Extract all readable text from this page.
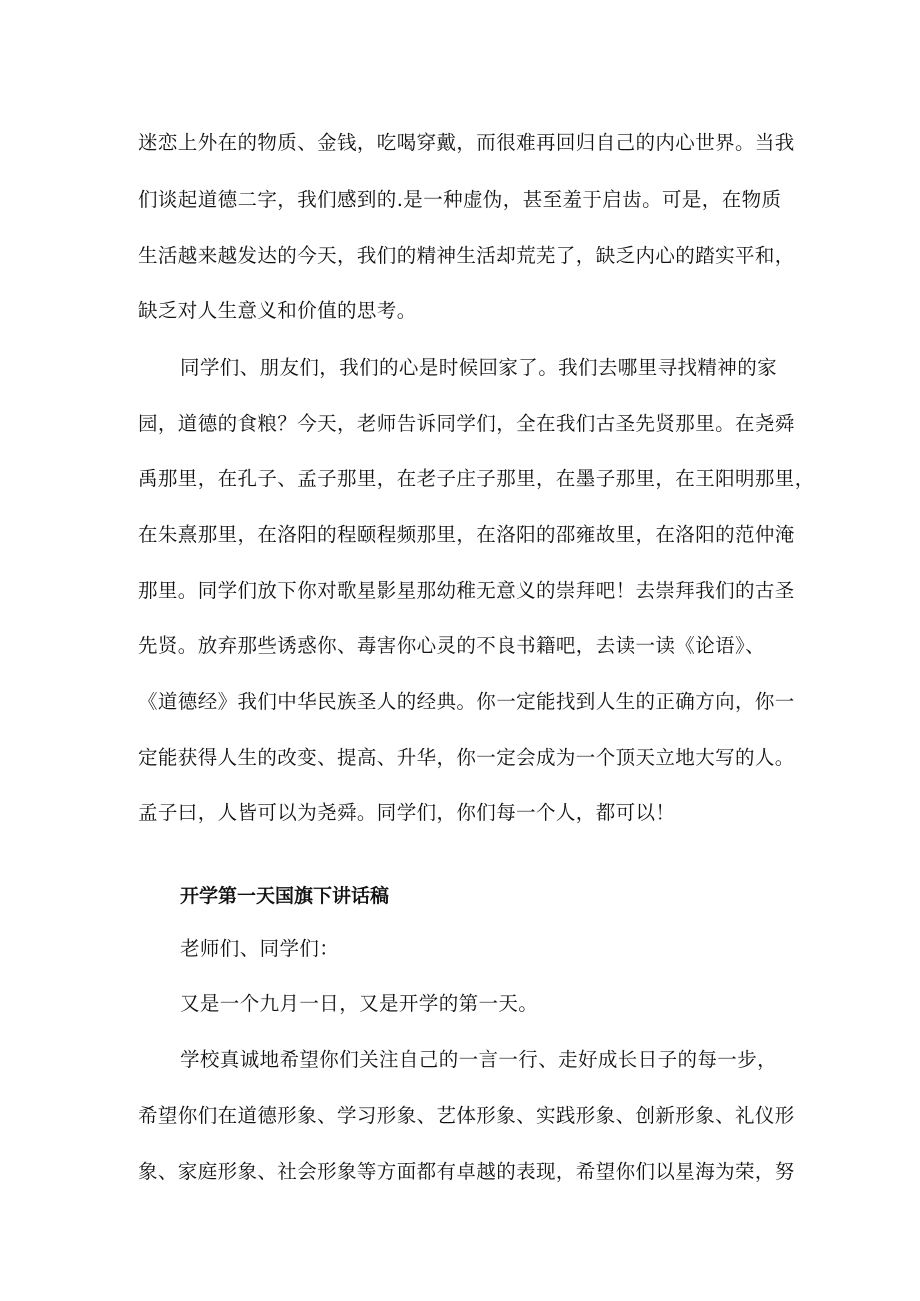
迷恋上外在的物质、金钱，吃喝穿戴，而很难再回归自己的内心世界。当我
们谈起道德二字，我们感到的.是一种虚伪，甚至羞于启齿。可是，在物质
生活越来越发达的今天，我们的精神生活却荒芜了，缺乏内心的踏实平和，
缺乏对人生意义和价值的思考。
同学们、朋友们，我们的心是时候回家了。我们去哪里寻找精神的家
园，道德的食粮？今天，老师告诉同学们，全在我们古圣先贤那里。在尧舜
禹那里，在孔子、孟子那里，在老子庄子那里，在墨子那里，在王阳明那里，
在朱熹那里，在洛阳的程颐程频那里，在洛阳的邵雍故里，在洛阳的范仲淹
那里。同学们放下你对歌星影星那幼稚无意义的崇拜吧！去崇拜我们的古圣
先贤。放弃那些诱惑你、毒害你心灵的不良书籍吧，去读一读《论语》、
《道德经》我们中华民族圣人的经典。你一定能找到人生的正确方向，你一
定能获得人生的改变、提高、升华，你一定会成为一个顶天立地大写的人。
孟子曰，人皆可以为尧舜。同学们，你们每一个人，都可以！
开学第一天国旗下讲话稿
老师们、同学们：
又是一个九月一日，又是开学的第一天。
学校真诚地希望你们关注自己的一言一行、走好成长日子的每一步，
希望你们在道德形象、学习形象、艺体形象、实践形象、创新形象、礼仪形
象、家庭形象、社会形象等方面都有卓越的表现，希望你们以星海为荣，努
